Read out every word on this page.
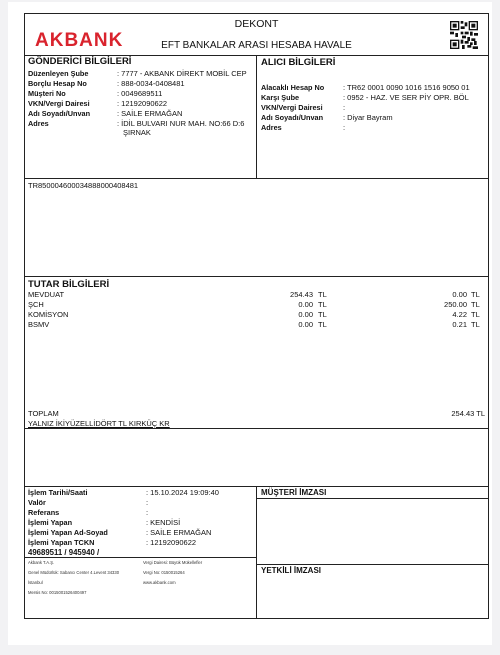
AKBANK
DEKONT
EFT BANKALAR ARASI HESABA HAVALE
GÖNDERİCİ BİLGİLERİ
Düzenleyen Şube	: 7777 - AKBANK DİREKT MOBİL CEP
Borçlu Hesap No	: 888-0034-0408481
Müşteri No	: 0049689511
VKN/Vergi Dairesi	: 12192090622
Adı Soyadı/Unvan	: SAİLE ERMAĞAN
Adres	: İDİL BULVARI NUR MAH. NO:66 D:6
ŞIRNAK
ALICI BİLGİLERİ
Alacaklı Hesap No : TR62 0001 0090 1016 1516 9050 01
Karşı Şube	: 0952 - HAZ. VE SER PİY OPR. BÖL
VKN/Vergi Dairesi	:
Adı Soyadı/Unvan	: Diyar Bayram
Adres	:
TR850004600034888000408481
TUTAR BİLGİLERİ
MEVDUAT	254.43 TL	0.00 TL
ŞCH	0.00 TL	250.00 TL
KOMİSYON	0.00 TL	4.22 TL
BSMV	0.00 TL	0.21 TL
TOPLAM	254.43 TL
YALNIZ İKİYÜZELLİDÖRT TL KIRKÜÇ KR
İşlem Tarihi/Saati	: 15.10.2024 19:09:40
Valör	:
Referans	:
İşlemi Yapan	: KENDİSİ
İşlemi Yapan Ad-Soyad	: SAİLE ERMAĞAN
İşlemi Yapan TCKN	: 12192090622
49689511 / 945940 /
MÜŞTERİ İMZASI
YETKİLİ İMZASI
Akbank T.A.Ş.
Genel Müdürlük: Sabancı Center 4.Levent 34330
İstanbul
Mersis No: 0015001526400497
Vergi Dairesi: Büyük Mükellefler
Vergi No: 0150015264
www.akbank.com
